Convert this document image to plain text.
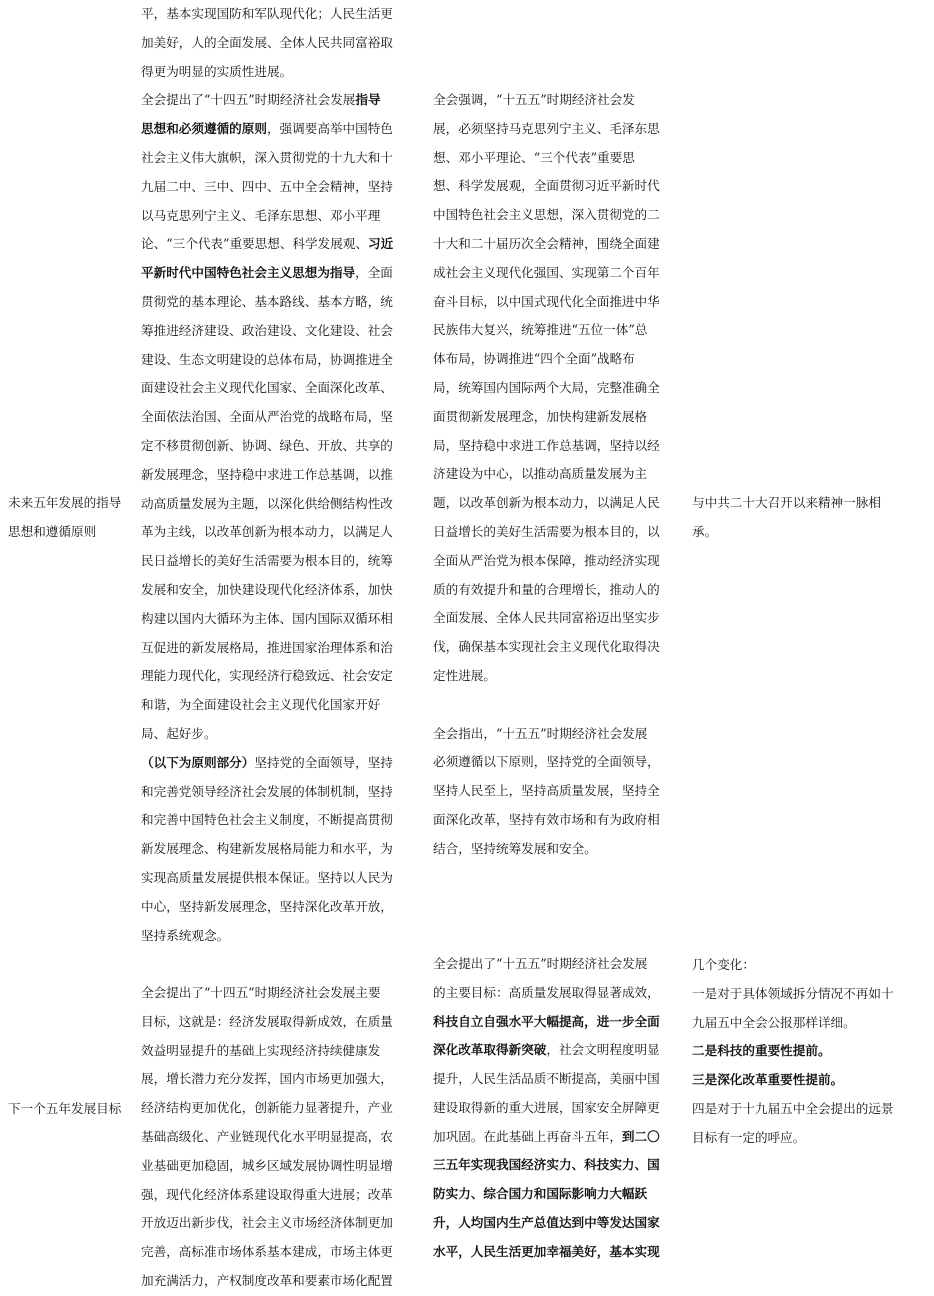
未来五年发展的指导
思想和遵循原则
下一个五年发展目标
平，基本实现国防和军队现代化；人民生活更
加美好，人的全面发展、全体人民共同富裕取
得更为明显的实质性进展。
全会提出了“十四五”时期经济社会发展指导
思想和必须遵循的原则，强调要高举中国特色
社会主义伟大旗帜，深入贯彻党的十九大和十
九届二中、三中、四中、五中全会精神，坚持
以马克思列宁主义、毛泽东思想、邓小平理
论、“三个代表”重要思想、科学发展观、习近
平新时代中国特色社会主义思想为指导，全面
贯彻党的基本理论、基本路线、基本方略，统
筹推进经济建设、政治建设、文化建设、社会
建设、生态文明建设的总体布局，协调推进全
面建设社会主义现代化国家、全面深化改革、
全面依法治国、全面从严治党的战略布局，坚
定不移贯彻创新、协调、绿色、开放、共享的
新发展理念，坚持稳中求进工作总基调，以推
动高质量发展为主题，以深化供给侧结构性改
革为主线，以改革创新为根本动力，以满足人
民日益增长的美好生活需要为根本目的，统筹
发展和安全，加快建设现代化经济体系，加快
构建以国内大循环为主体、国内国际双循环相
互促进的新发展格局，推进国家治理体系和治
理能力现代化，实现经济行稳致远、社会安定
和谐，为全面建设社会主义现代化国家开好
局、起好步。
（以下为原则部分）坚持党的全面领导，坚持
和完善党领导经济社会发展的体制机制，坚持
和完善中国特色社会主义制度，不断提高贯彻
新发展理念、构建新发展格局能力和水平，为
实现高质量发展提供根本保证。坚持以人民为
中心，坚持新发展理念，坚持深化改革开放，
坚持系统观念。
全会提出了“十四五”时期经济社会发展主要
目标，这就是：经济发展取得新成效，在质量
效益明显提升的基础上实现经济持续健康发
展，增长潜力充分发挥，国内市场更加强大，
经济结构更加优化，创新能力显著提升，产业
基础高级化、产业链现代化水平明显提高，农
业基础更加稳固，城乡区域发展协调性明显增
强，现代化经济体系建设取得重大进展；改革
开放迈出新步伐，社会主义市场经济体制更加
完善，高标准市场体系基本建成，市场主体更
加充满活力，产权制度改革和要素市场化配置
全会强调，“十五五”时期经济社会发
展，必须坚持马克思列宁主义、毛泽东思
想、邓小平理论、“三个代表”重要思
想、科学发展观，全面贯彻习近平新时代
中国特色社会主义思想，深入贯彻党的二
十大和二十届历次全会精神，围绕全面建
成社会主义现代化强国、实现第二个百年
奋斗目标，以中国式现代化全面推进中华
民族伟大复兴，统筹推进“五位一体”总
体布局，协调推进“四个全面”战略布
局，统筹国内国际两个大局，完整准确全
面贯彻新发展理念，加快构建新发展格
局，坚持稳中求进工作总基调，坚持以经
济建设为中心，以推动高质量发展为主
题，以改革创新为根本动力，以满足人民
日益增长的美好生活需要为根本目的，以
全面从严治党为根本保障，推动经济实现
质的有效提升和量的合理增长，推动人的
全面发展、全体人民共同富裕迈出坚实步
伐，确保基本实现社会主义现代化取得决
定性进展。
全会指出，“十五五”时期经济社会发展
必须遵循以下原则，坚持党的全面领导，
坚持人民至上，坚持高质量发展，坚持全
面深化改革，坚持有效市场和有为政府相
结合，坚持统筹发展和安全。
全会提出了“十五五”时期经济社会发展
的主要目标：高质量发展取得显著成效，
科技自立自强水平大幅提高，进一步全面
深化改革取得新突破，社会文明程度明显
提升，人民生活品质不断提高，美丽中国
建设取得新的重大进展，国家安全屏障更
加巩固。在此基础上再奋斗五年，到二〇
三五年实现我国经济实力、科技实力、国
防实力、综合国力和国际影响力大幅跃
升，人均国内生产总值达到中等发达国家
水平，人民生活更加幸福美好，基本实现
与中共二十大召开以来精神一脉相
承。
几个变化：
一是对于具体领域拆分情况不再如十
九届五中全会公报那样详细。
二是科技的重要性提前。
三是深化改革重要性提前。
四是对于十九届五中全会提出的远景
目标有一定的呼应。
